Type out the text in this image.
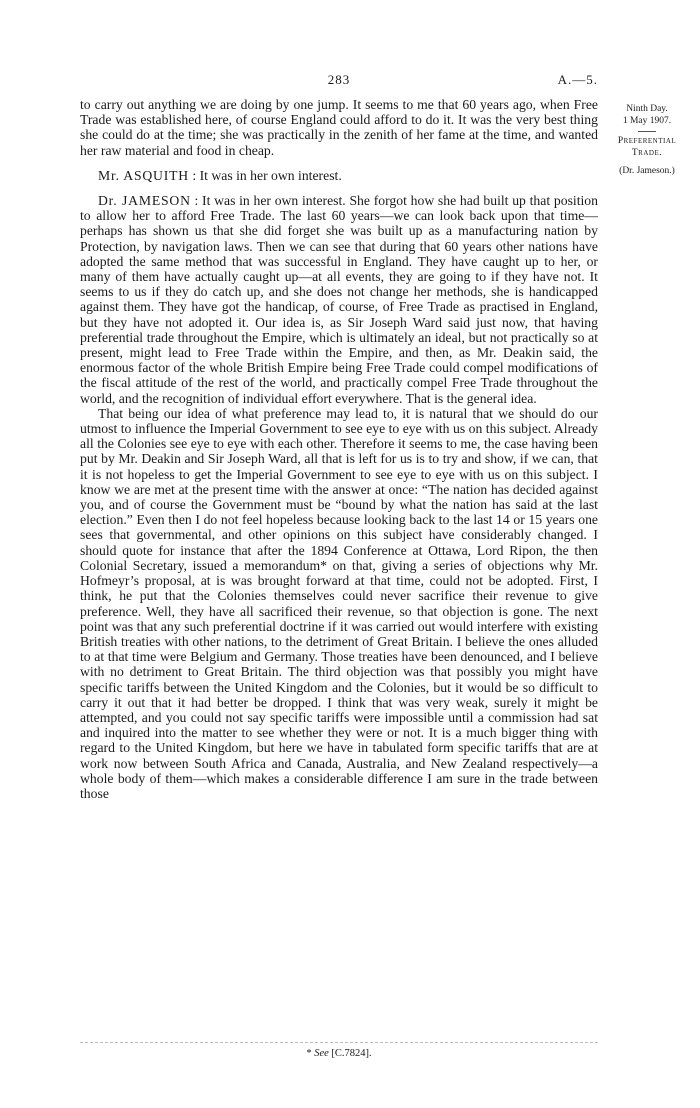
283	A.—5.

to carry out anything we are doing by one jump. It seems to me that 60 years ago, when Free Trade was established here, of course England could afford to do it. It was the very best thing she could do at the time; she was practically in the zenith of her fame at the time, and wanted her raw material and food in cheap.

Mr. ASQUITH : It was in her own interest.

Dr. JAMESON : It was in her own interest. She forgot how she had built up that position to allow her to afford Free Trade. The last 60 years—we can look back upon that time—perhaps has shown us that she did forget she was built up as a manufacturing nation by Protection, by navigation laws. Then we can see that during that 60 years other nations have adopted the same method that was successful in England. They have caught up to her, or many of them have actually caught up—at all events, they are going to if they have not. It seems to us if they do catch up, and she does not change her methods, she is handicapped against them. They have got the handicap, of course, of Free Trade as practised in England, but they have not adopted it. Our idea is, as Sir Joseph Ward said just now, that having preferential trade throughout the Empire, which is ultimately an ideal, but not practically so at present, might lead to Free Trade within the Empire, and then, as Mr. Deakin said, the enormous factor of the whole British Empire being Free Trade could compel modifications of the fiscal attitude of the rest of the world, and practically compel Free Trade throughout the world, and the recognition of individual effort everywhere. That is the general idea.

That being our idea of what preference may lead to, it is natural that we should do our utmost to influence the Imperial Government to see eye to eye with us on this subject. Already all the Colonies see eye to eye with each other. Therefore it seems to me, the case having been put by Mr. Deakin and Sir Joseph Ward, all that is left for us is to try and show, if we can, that it is not hopeless to get the Imperial Government to see eye to eye with us on this subject. I know we are met at the present time with the answer at once: “The nation has decided against you, and of course the Government must be “bound by what the nation has said at the last election.” Even then I do not feel hopeless because looking back to the last 14 or 15 years one sees that governmental, and other opinions on this subject have considerably changed. I should quote for instance that after the 1894 Conference at Ottawa, Lord Ripon, the then Colonial Secretary, issued a memorandum* on that, giving a series of objections why Mr. Hofmeyr’s proposal, at is was brought forward at that time, could not be adopted. First, I think, he put that the Colonies themselves could never sacrifice their revenue to give preference. Well, they have all sacrificed their revenue, so that objection is gone. The next point was that any such preferential doctrine if it was carried out would interfere with existing British treaties with other nations, to the detriment of Great Britain. I believe the ones alluded to at that time were Belgium and Germany. Those treaties have been denounced, and I believe with no detriment to Great Britain. The third objection was that possibly you might have specific tariffs between the United Kingdom and the Colonies, but it would be so difficult to carry it out that it had better be dropped. I think that was very weak, surely it might be attempted, and you could not say specific tariffs were impossible until a commission had sat and inquired into the matter to see whether they were or not. It is a much bigger thing with regard to the United Kingdom, but here we have in tabulated form specific tariffs that are at work now between South Africa and Canada, Australia, and New Zealand respectively—a whole body of them—which makes a considerable difference I am sure in the trade between those

Ninth Day.
1 May 1907.
Preferential
Trade.
(Dr. Jameson.)
* See [C.7824].
